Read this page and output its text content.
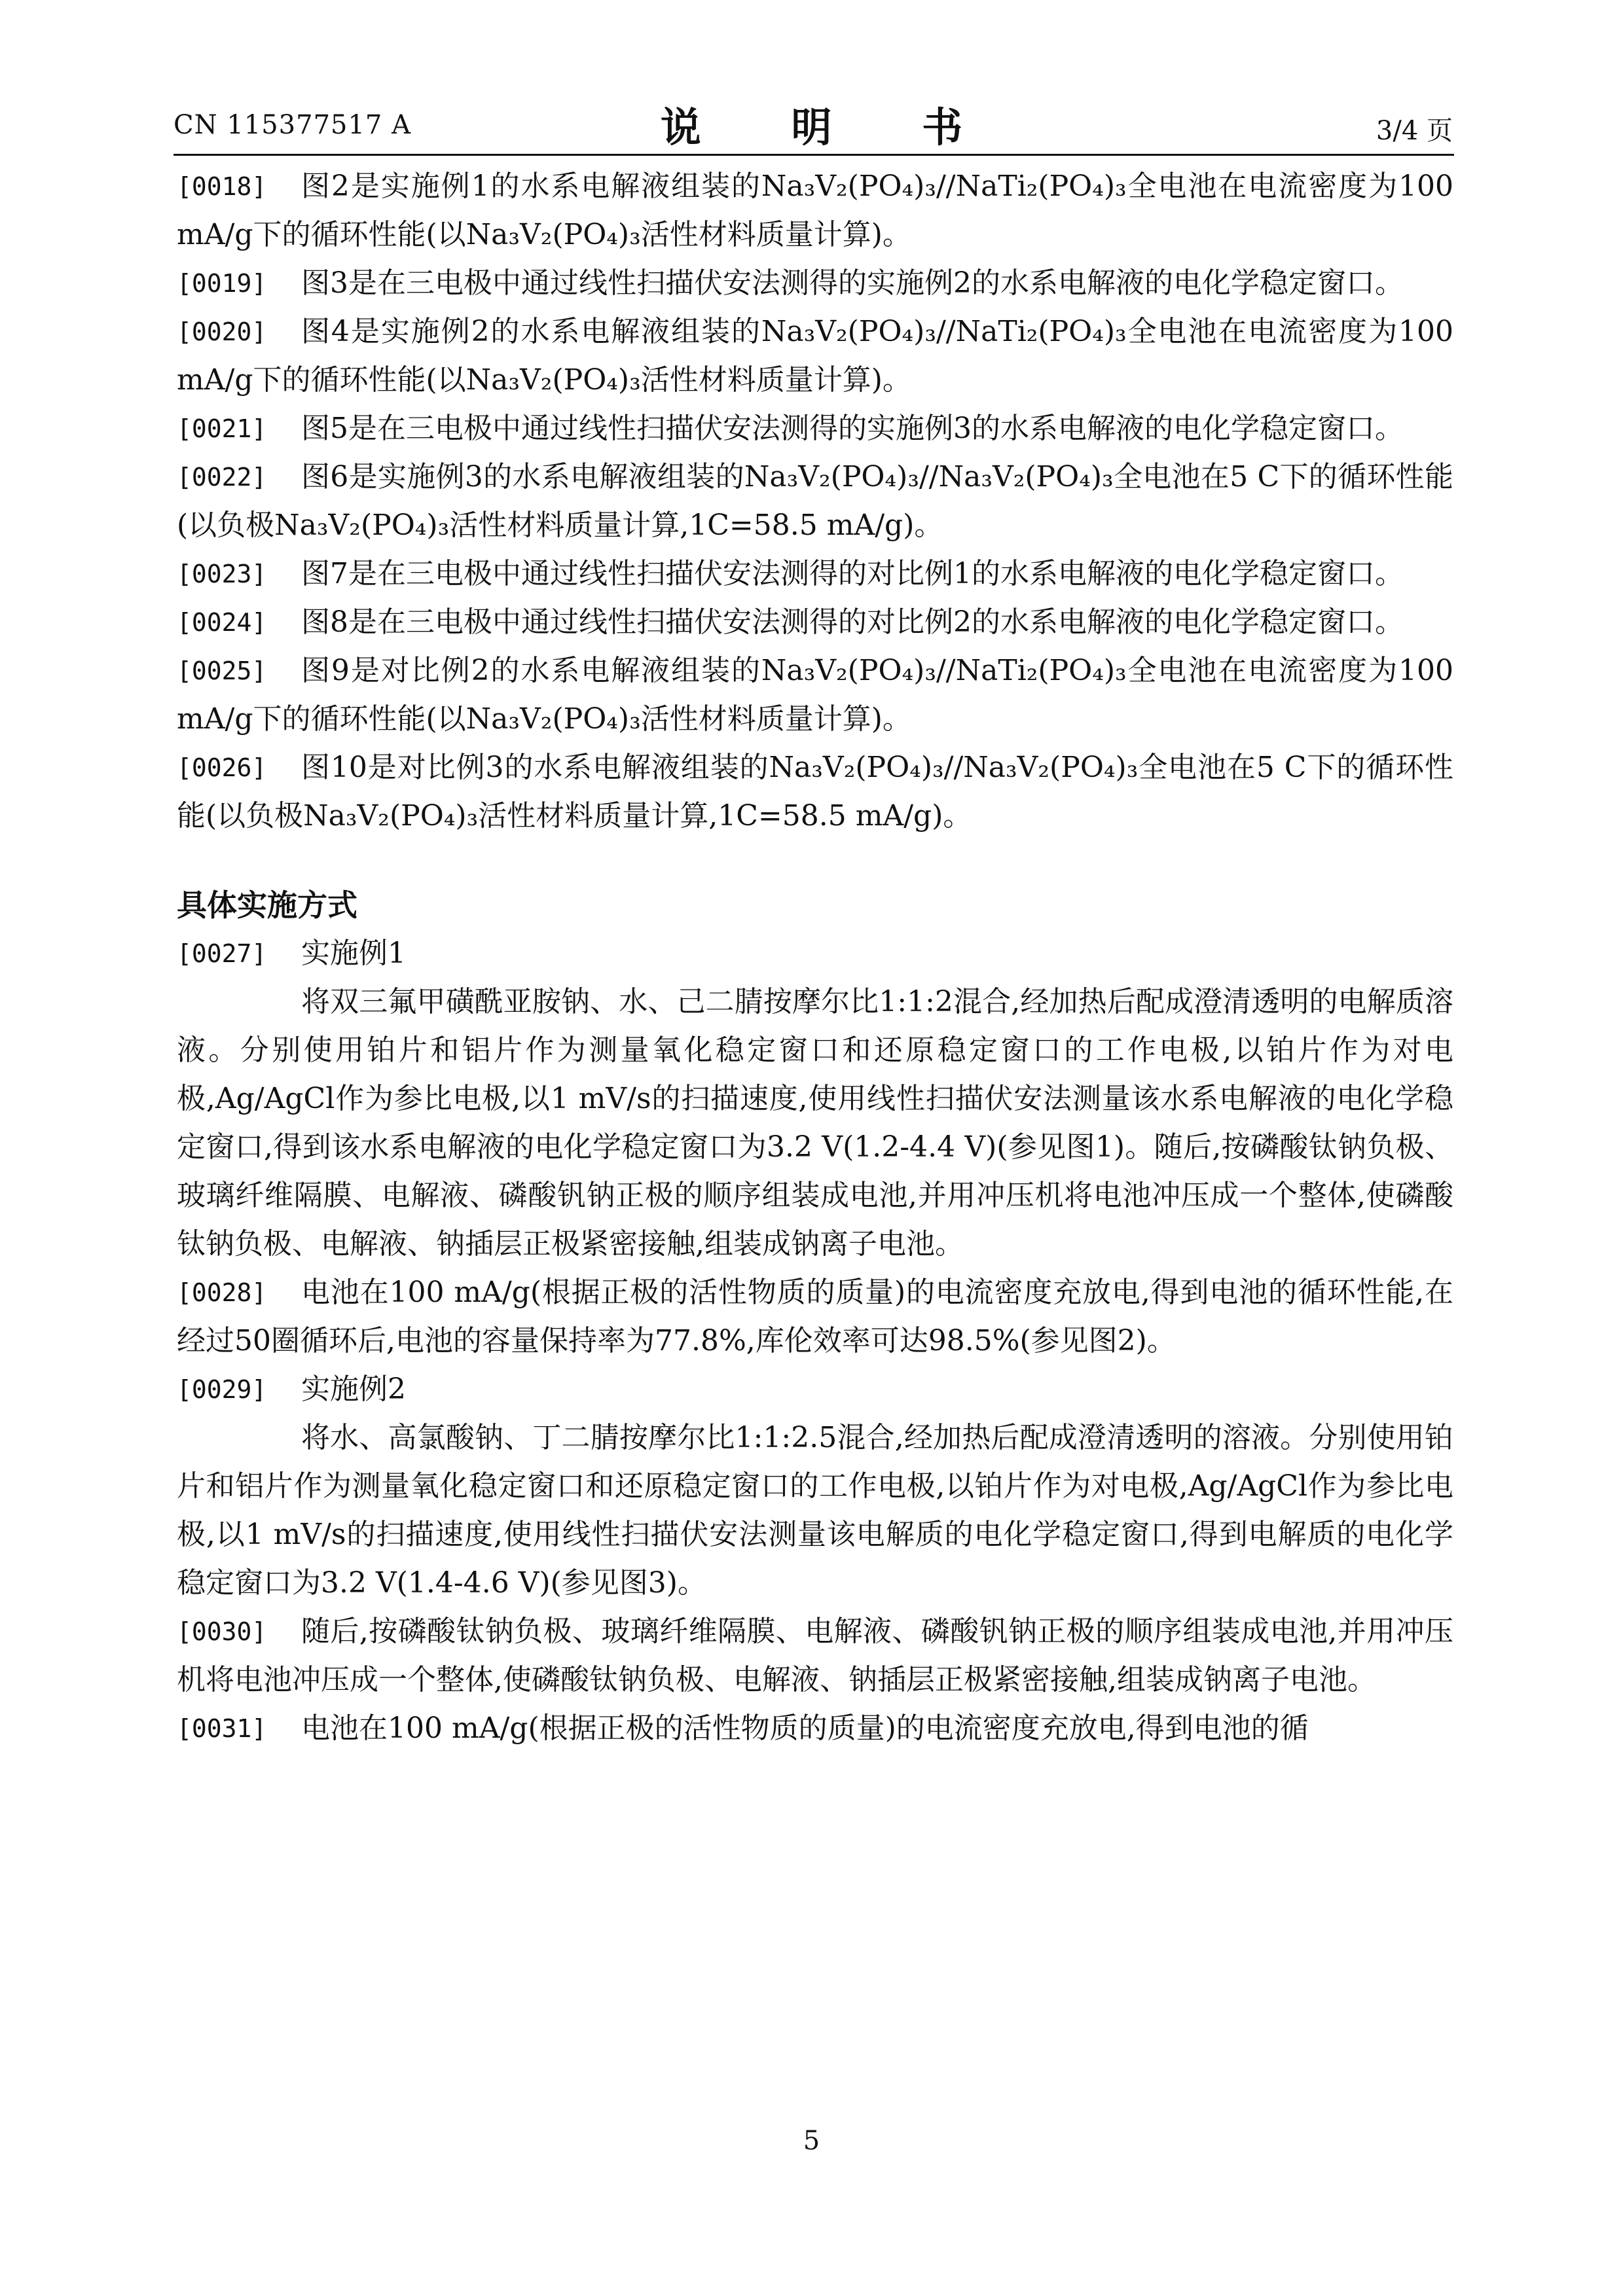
CN 115377517 A	说 明 书	3/4 页

[0018] 图2是实施例1的水系电解液组装的Na₃V₂(PO₄)₃//NaTi₂(PO₄)₃全电池在电流密度为100 mA/g下的循环性能(以Na₃V₂(PO₄)₃活性材料质量计算)。

[0019] 图3是在三电极中通过线性扫描伏安法测得的实施例2的水系电解液的电化学稳定窗口。

[0020] 图4是实施例2的水系电解液组装的Na₃V₂(PO₄)₃//NaTi₂(PO₄)₃全电池在电流密度为100 mA/g下的循环性能(以Na₃V₂(PO₄)₃活性材料质量计算)。

[0021] 图5是在三电极中通过线性扫描伏安法测得的实施例3的水系电解液的电化学稳定窗口。

[0022] 图6是实施例3的水系电解液组装的Na₃V₂(PO₄)₃//Na₃V₂(PO₄)₃全电池在5 C下的循环性能(以负极Na₃V₂(PO₄)₃活性材料质量计算,1C=58.5 mA/g)。

[0023] 图7是在三电极中通过线性扫描伏安法测得的对比例1的水系电解液的电化学稳定窗口。

[0024] 图8是在三电极中通过线性扫描伏安法测得的对比例2的水系电解液的电化学稳定窗口。

[0025] 图9是对比例2的水系电解液组装的Na₃V₂(PO₄)₃//NaTi₂(PO₄)₃全电池在电流密度为100 mA/g下的循环性能(以Na₃V₂(PO₄)₃活性材料质量计算)。

[0026] 图10是对比例3的水系电解液组装的Na₃V₂(PO₄)₃//Na₃V₂(PO₄)₃全电池在5 C下的循环性能(以负极Na₃V₂(PO₄)₃活性材料质量计算,1C=58.5 mA/g)。

具体实施方式

[0027] 实施例1

将双三氟甲磺酰亚胺钠、水、己二腈按摩尔比1:1:2混合,经加热后配成澄清透明的电解质溶液。分别使用铂片和铝片作为测量氧化稳定窗口和还原稳定窗口的工作电极,以铂片作为对电极,Ag/AgCl作为参比电极,以1 mV/s的扫描速度,使用线性扫描伏安法测量该水系电解液的电化学稳定窗口,得到该水系电解液的电化学稳定窗口为3.2 V(1.2-4.4 V)(参见图1)。随后,按磷酸钛钠负极、玻璃纤维隔膜、电解液、磷酸钒钠正极的顺序组装成电池,并用冲压机将电池冲压成一个整体,使磷酸钛钠负极、电解液、钠插层正极紧密接触,组装成钠离子电池。

[0028] 电池在100 mA/g(根据正极的活性物质的质量)的电流密度充放电,得到电池的循环性能,在经过50圈循环后,电池的容量保持率为77.8%,库伦效率可达98.5%(参见图2)。

[0029] 实施例2

将水、高氯酸钠、丁二腈按摩尔比1:1:2.5混合,经加热后配成澄清透明的溶液。分别使用铂片和铝片作为测量氧化稳定窗口和还原稳定窗口的工作电极,以铂片作为对电极,Ag/AgCl作为参比电极,以1 mV/s的扫描速度,使用线性扫描伏安法测量该电解质的电化学稳定窗口,得到电解质的电化学稳定窗口为3.2 V(1.4-4.6 V)(参见图3)。

[0030] 随后,按磷酸钛钠负极、玻璃纤维隔膜、电解液、磷酸钒钠正极的顺序组装成电池,并用冲压机将电池冲压成一个整体,使磷酸钛钠负极、电解液、钠插层正极紧密接触,组装成钠离子电池。

[0031] 电池在100 mA/g(根据正极的活性物质的质量)的电流密度充放电,得到电池的循

5
